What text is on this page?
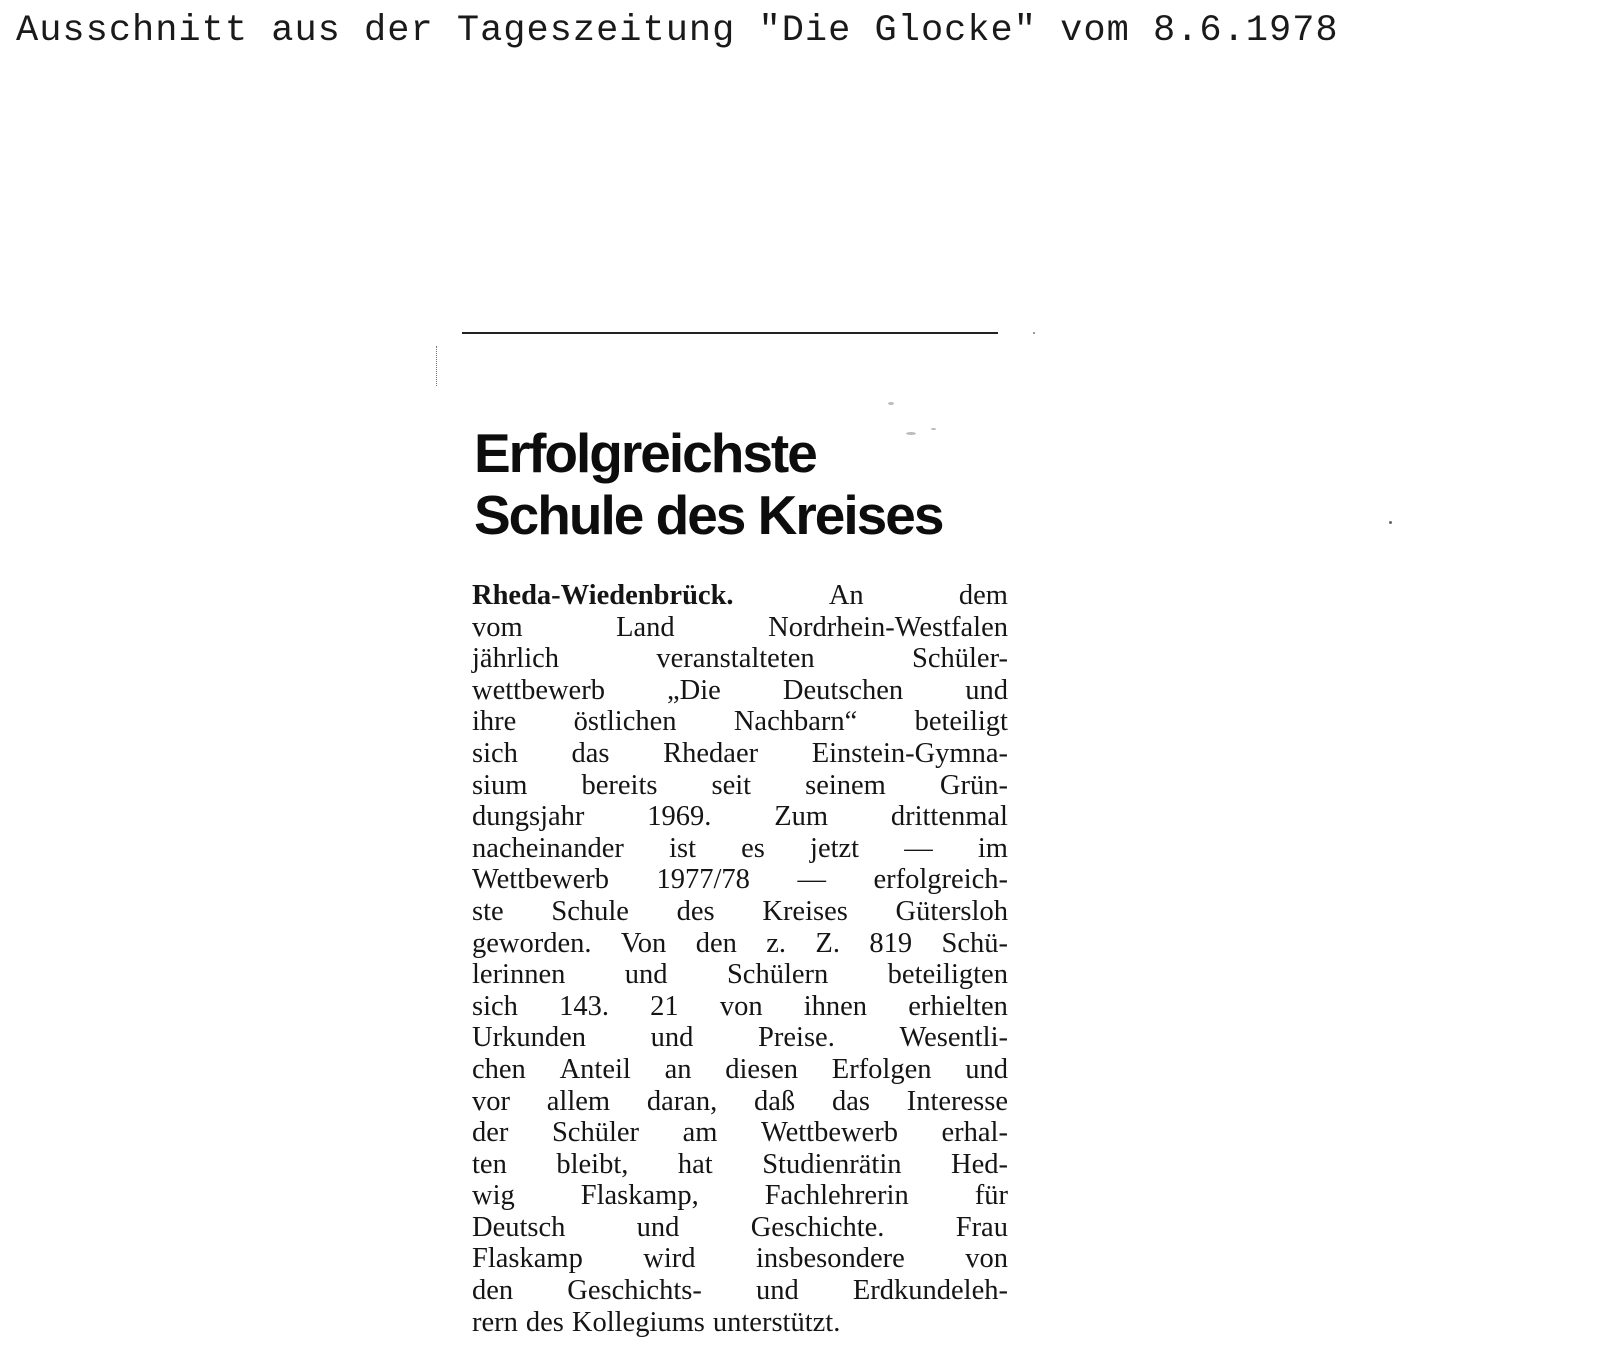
Ausschnitt aus der Tageszeitung "Die Glocke" vom 8.6.1978
Erfolgreichste
Schule des Kreises
Rheda-Wiedenbrück.	An	dem
vom	Land	Nordrhein-Westfalen
jährlich	veranstalteten	Schüler-
wettbewerb „Die Deutschen und
ihre östlichen Nachbarn“ beteiligt
sich das Rhedaer Einstein-Gymna-
sium bereits seit seinem Grün-
dungsjahr 1969. Zum drittenmal
nacheinander ist es jetzt — im
Wettbewerb 1977/78 — erfolgreich-
ste Schule des Kreises Gütersloh
geworden. Von den z. Z. 819 Schü-
lerinnen und Schülern beteiligten
sich 143. 21 von ihnen erhielten
Urkunden und Preise. Wesentli-
chen Anteil an diesen Erfolgen und
vor allem daran, daß das Interesse
der Schüler am Wettbewerb erhal-
ten bleibt, hat Studienrätin Hed-
wig Flaskamp, Fachlehrerin für
Deutsch	und	Geschichte.	Frau
Flaskamp wird insbesondere von
den Geschichts- und Erdkundeleh-
rern des Kollegiums unterstützt.
